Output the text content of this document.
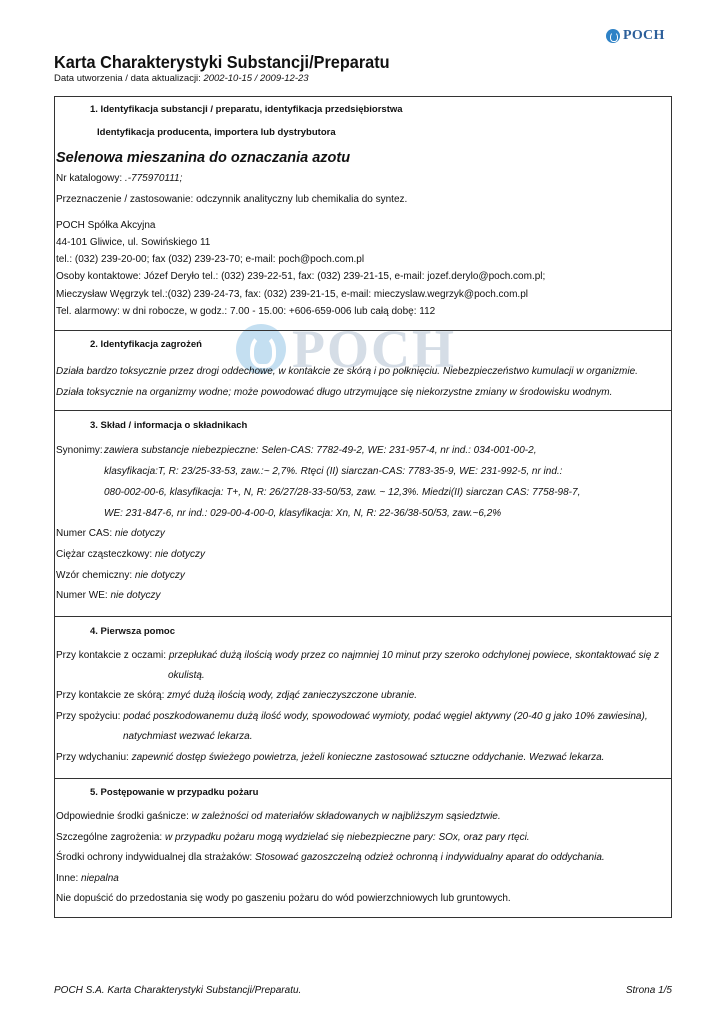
POCH
Karta Charakterystyki Substancji/Preparatu
Data utworzenia / data aktualizacji: 2002-10-15 / 2009-12-23
POCH
1. Identyfikacja substancji / preparatu, identyfikacja przedsiębiorstwa
Identyfikacja producenta, importera lub dystrybutora
Selenowa mieszanina do oznaczania azotu
Nr katalogowy: .-775970111;
Przeznaczenie / zastosowanie: odczynnik analityczny lub chemikalia do syntez.
POCH Spółka Akcyjna
44-101 Gliwice, ul. Sowińskiego 11
tel.: (032) 239-20-00; fax (032) 239-23-70; e-mail: poch@poch.com.pl
Osoby kontaktowe: Józef Deryło tel.: (032) 239-22-51, fax: (032) 239-21-15, e-mail: jozef.derylo@poch.com.pl;
Mieczysław Węgrzyk tel.:(032) 239-24-73, fax: (032) 239-21-15, e-mail: mieczyslaw.wegrzyk@poch.com.pl
Tel. alarmowy: w dni robocze, w godz.: 7.00 - 15.00: +606-659-006 lub całą dobę: 112
2. Identyfikacja zagrożeń
Działa bardzo toksycznie przez drogi oddechowe, w kontakcie ze skórą i po połknięciu. Niebezpieczeństwo kumulacji w organizmie.
Działa toksycznie na organizmy wodne; może powodować długo utrzymujące się niekorzystne zmiany w środowisku wodnym.
3. Skład / informacja o składnikach
Synonimy: zawiera substancje niebezpieczne: Selen-CAS: 7782-49-2, WE: 231-957-4, nr ind.: 034-001-00-2,
klasyfikacja:T, R: 23/25-33-53, zaw.:~ 2,7%. Rtęci (II) siarczan-CAS: 7783-35-9, WE: 231-992-5, nr ind.:
080-002-00-6, klasyfikacja: T+, N, R: 26/27/28-33-50/53, zaw. ~ 12,3%. Miedzi(II) siarczan CAS: 7758-98-7,
WE: 231-847-6, nr ind.: 029-00-4-00-0, klasyfikacja: Xn, N, R: 22-36/38-50/53, zaw.~6,2%
Numer CAS: nie dotyczy
Ciężar cząsteczkowy: nie dotyczy
Wzór chemiczny: nie dotyczy
Numer WE: nie dotyczy
4. Pierwsza pomoc
Przy kontakcie z oczami: przepłukać dużą ilością wody przez co najmniej 10 minut przy szeroko odchylonej powiece, skontaktować się z
okulistą.
Przy kontakcie ze skórą: zmyć dużą ilością wody, zdjąć zanieczyszczone ubranie.
Przy spożyciu: podać poszkodowanemu dużą ilość wody, spowodować wymioty, podać węgiel aktywny (20-40 g jako 10% zawiesina),
natychmiast wezwać lekarza.
Przy wdychaniu: zapewnić dostęp świeżego powietrza, jeżeli konieczne zastosować sztuczne oddychanie. Wezwać lekarza.
5. Postępowanie w przypadku pożaru
Odpowiednie środki gaśnicze: w zależności od materiałów składowanych w najbliższym sąsiedztwie.
Szczególne zagrożenia: w przypadku pożaru mogą wydzielać się niebezpieczne pary: SOx, oraz pary rtęci.
Środki ochrony indywidualnej dla strażaków: Stosować gazoszczelną odzież ochronną i indywidualny aparat do oddychania.
Inne: niepalna
Nie dopuścić do przedostania się wody po gaszeniu pożaru do wód powierzchniowych lub gruntowych.
POCH S.A. Karta Charakterystyki Substancji/Preparatu.	Strona 1/5
